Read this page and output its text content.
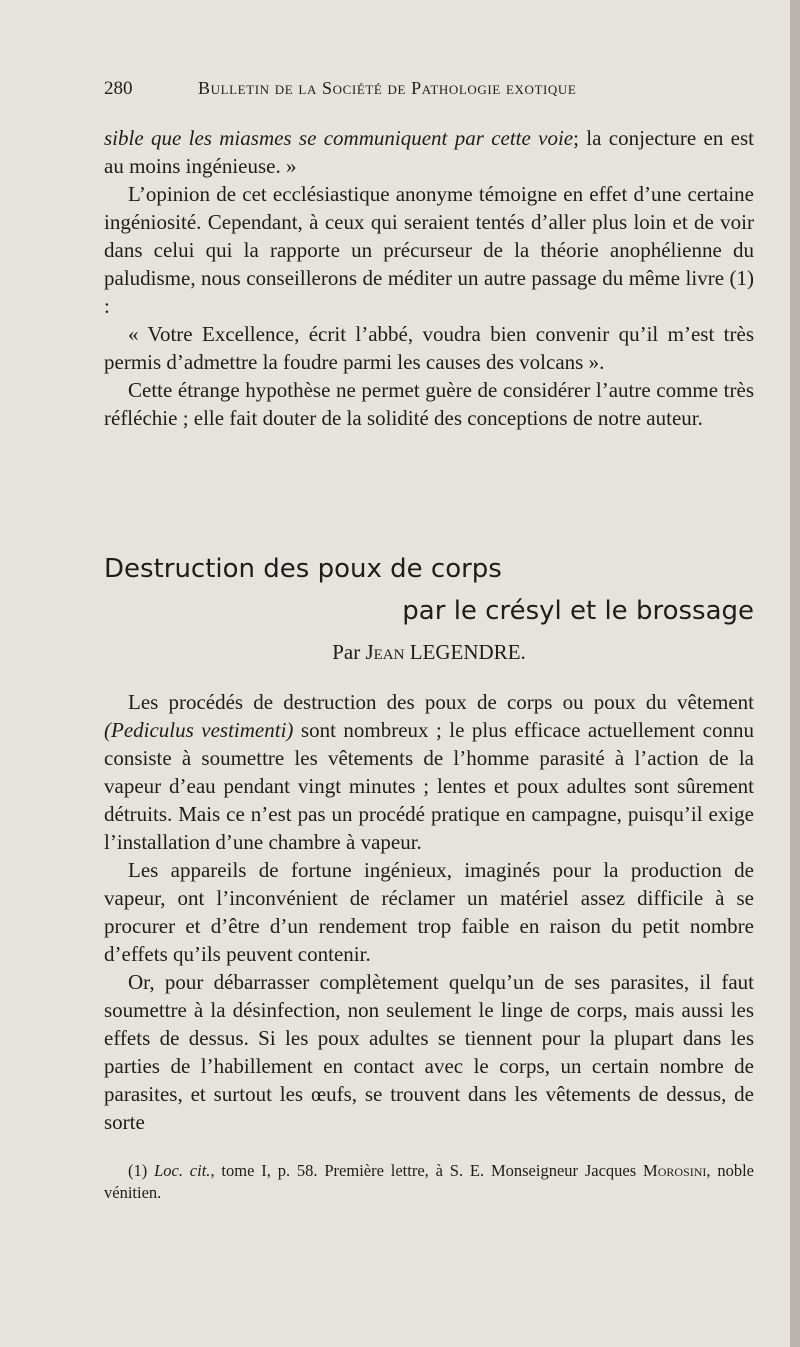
280	Bulletin de la Société de Pathologie exotique

sible que les miasmes se communiquent par cette voie; la conjecture en est au moins ingénieuse. »

L’opinion de cet ecclésiastique anonyme témoigne en effet d’une certaine ingéniosité. Cependant, à ceux qui seraient tentés d’aller plus loin et de voir dans celui qui la rapporte un précurseur de la théorie anophélienne du paludisme, nous conseillerons de méditer un autre passage du même livre (1) :

« Votre Excellence, écrit l’abbé, voudra bien convenir qu’il m’est très permis d’admettre la foudre parmi les causes des volcans ».

Cette étrange hypothèse ne permet guère de considérer l’autre comme très réfléchie ; elle fait douter de la solidité des conceptions de notre auteur.

Destruction des poux de corps
par le crésyl et le brossage
Par Jean LEGENDRE.

Les procédés de destruction des poux de corps ou poux du vêtement (Pediculus vestimenti) sont nombreux ; le plus efficace actuellement connu consiste à soumettre les vêtements de l’homme parasité à l’action de la vapeur d’eau pendant vingt minutes ; lentes et poux adultes sont sûrement détruits. Mais ce n’est pas un procédé pratique en campagne, puisqu’il exige l’installation d’une chambre à vapeur.

Les appareils de fortune ingénieux, imaginés pour la production de vapeur, ont l’inconvénient de réclamer un matériel assez difficile à se procurer et d’être d’un rendement trop faible en raison du petit nombre d’effets qu’ils peuvent contenir.

Or, pour débarrasser complètement quelqu’un de ses parasites, il faut soumettre à la désinfection, non seulement le linge de corps, mais aussi les effets de dessus. Si les poux adultes se tiennent pour la plupart dans les parties de l’habillement en contact avec le corps, un certain nombre de parasites, et surtout les œufs, se trouvent dans les vêtements de dessus, de sorte

(1) Loc. cit., tome I, p. 58. Première lettre, à S. E. Monseigneur Jacques Morosini, noble vénitien.
